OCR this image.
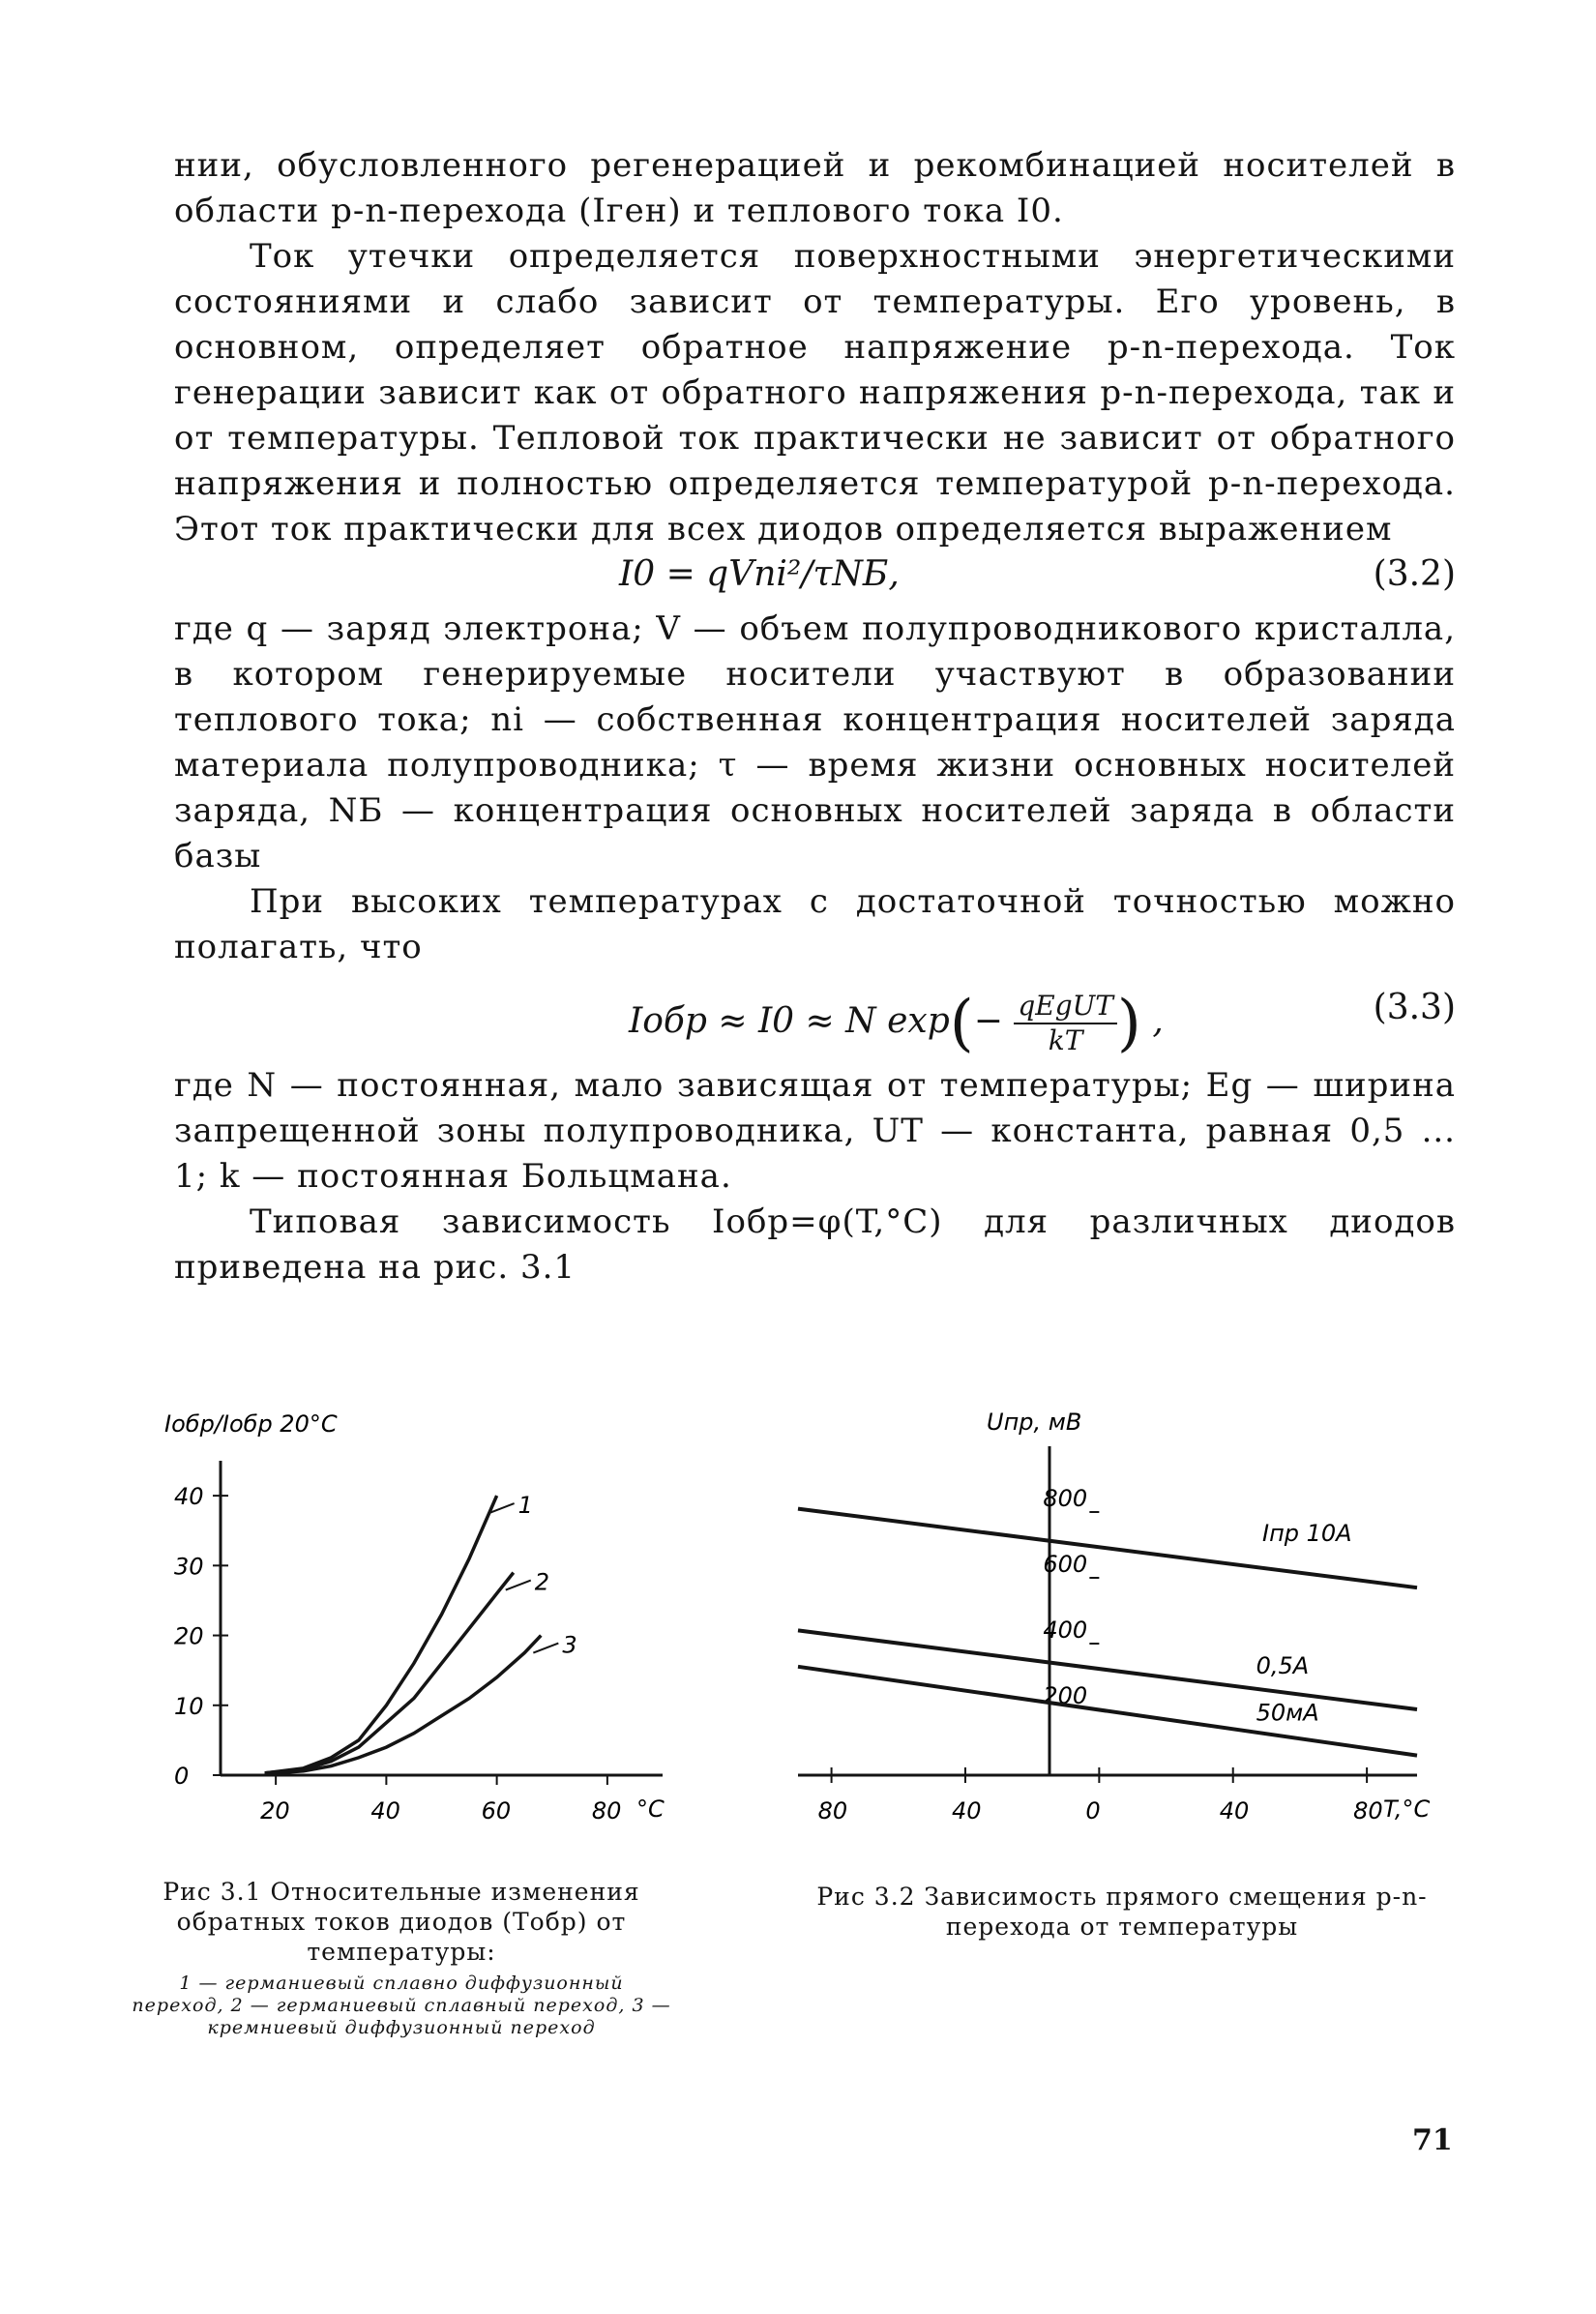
нии, обусловленного регенерацией и рекомбинацией носителей в области p-n-перехода (Iген) и теплового тока I0.

Ток утечки определяется поверхностными энергетическими состояниями и слабо зависит от температуры. Его уровень, в основном, определяет обратное напряжение p-n-перехода. Ток генерации зависит как от обратного напряжения p-n-перехода, так и от температуры. Тепловой ток практически не зависит от обратного напряжения и полностью определяется температурой p-n-перехода. Этот ток практически для всех диодов определяется выражением

I0 = qVni²/τNБ,	(3.2)

где q — заряд электрона; V — объем полупроводникового кристалла, в котором генерируемые носители участвуют в образовании теплового тока; ni — собственная концентрация носителей заряда материала полупроводника; τ — время жизни основных носителей заряда, NБ — концентрация основных носителей заряда в области базы

При высоких температурах с достаточной точностью можно полагать, что

Iобр ≈ I0 ≈ N $\exp(- \frac{\text{qEgUT}}{kT}$ ) ,	(3.3)

где N — постоянная, мало зависящая от температуры; Eg — ширина запрещенной зоны полупроводника, UT — константа, равная 0,5 ... 1; k — постоянная Больцмана.

Типовая зависимость Iобр=φ(T,°C) для различных диодов приведена на рис. 3.1

Iобр/Iобр 20°C
20	40	60	80
0
10
20
30
40	1
2
3
°C
Рис 3.1 Относительные изменения обратных токов диодов (Tобр) от температуры:
1 — германиевый сплавно диффузионный переход, 2 — германиевый сплавный переход, 3 — кремниевый диффузионный переход
Uпр, мВ
80	40	0	40	80
200
400
600
800
Iпр 10А
0,5А
50мА
T,°C
Рис 3.2 Зависимость прямого смещения p-n-перехода от температуры
71
